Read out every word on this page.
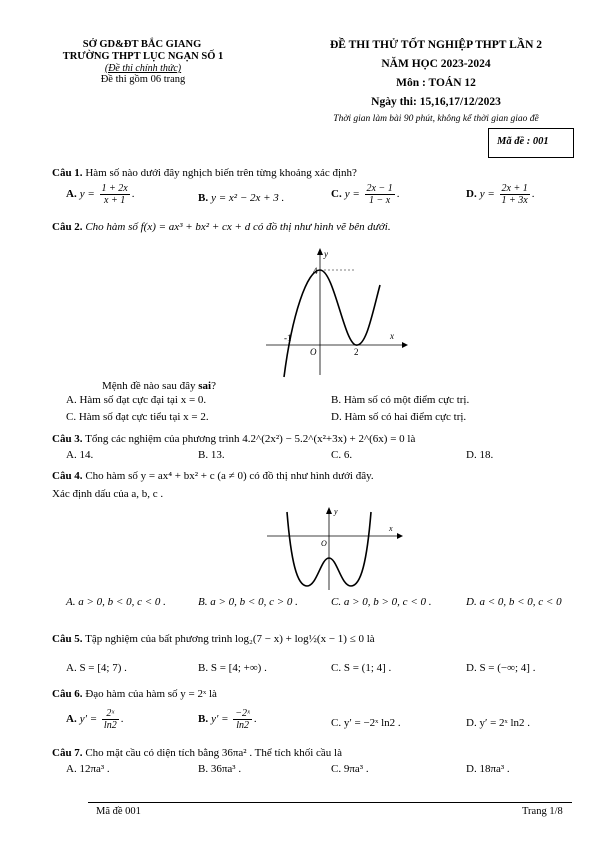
SỞ GD&ĐT BẮC GIANG
TRƯỜNG THPT LỤC NGẠN SỐ 1
(Đề thi chính thức)
Đề thi gồm 06 trang
ĐỀ THI THỬ TỐT NGHIỆP THPT LẦN 2
NĂM HỌC 2023-2024
Môn : TOÁN 12
Ngày thi: 15,16,17/12/2023
Thời gian làm bài 90 phút, không kể thời gian giao đề
Mã đề : 001
Câu 1. Hàm số nào dưới đây nghịch biến trên từng khoảng xác định?
A. $y = \frac{1 + 2x}{x + 1}$ .	B. y = x² − 2x + 3 .	C. $y = \frac{2x - 1}{1 - x}$ .	D. $y = \frac{2x + 1}{1 + 3x}$ .
Câu 2. Cho hàm số f(x) = ax³ + bx² + cx + d có đồ thị như hình vẽ bên dưới.
y
x
O
-1
2
4
Mệnh đề nào sau đây sai?
A. Hàm số đạt cực đại tại x = 0.	B. Hàm số có một điểm cực trị.
C. Hàm số đạt cực tiểu tại x = 2.	D. Hàm số có hai điểm cực trị.
Câu 3. Tổng các nghiệm của phương trình 4.2^(2x²) − 5.2^(x²+3x) + 2^(6x) = 0 là
A. 14.	B. 13.	C. 6.	D. 18.
Câu 4. Cho hàm số y = ax⁴ + bx² + c (a ≠ 0) có đồ thị như hình dưới đây.
Xác định dấu của a, b, c .
y
x
O
A. a > 0, b < 0, c < 0 .	B. a > 0, b < 0, c > 0 .	C. a > 0, b > 0, c < 0 .	D. a < 0, b < 0, c < 0
Câu 5. Tập nghiệm của bất phương trình log₂(7 − x) + log½(x − 1) ≤ 0 là
A. S = [4; 7) .	B. S = [4; +∞) .	C. S = (1; 4] .	D. S = (−∞; 4] .
Câu 6. Đạo hàm của hàm số y = 2ˣ là
A. $y' = \frac{\text{2ˣ}}{\ln 2}$ .	B. $y' = \frac{\text{−2ˣ}}{\ln 2}$ .	C. y′ = −2ˣ ln2 .	D. y′ = 2ˣ ln2 .
Câu 7. Cho mặt cầu có diện tích bằng 36πa² . Thể tích khối cầu là
A. 12πa³ .	B. 36πa³ .	C. 9πa³ .	D. 18πa³ .
Mã đề 001	Trang 1/8
